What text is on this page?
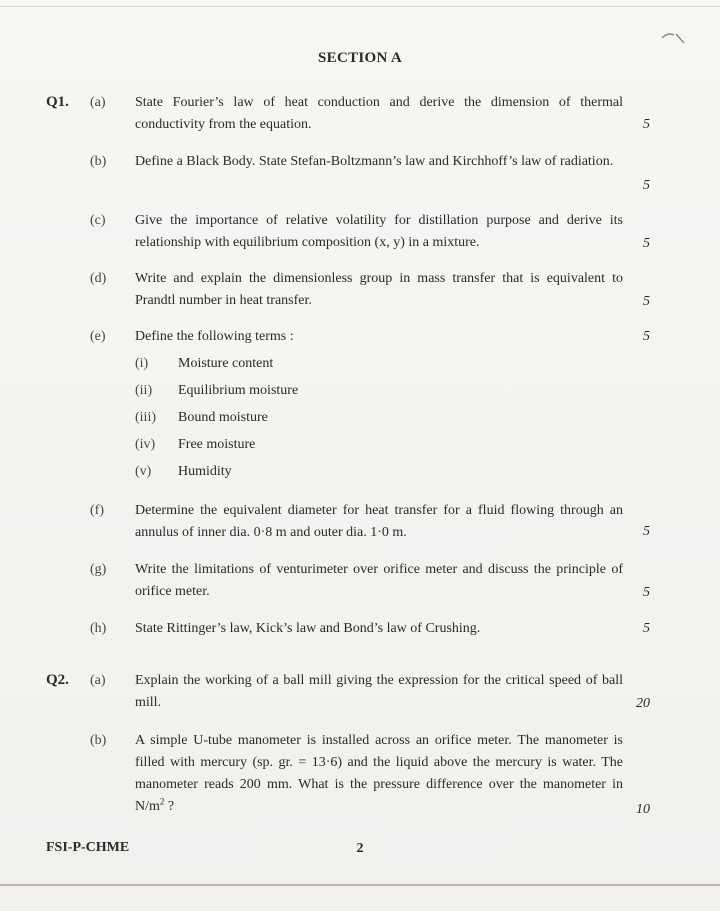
SECTION A
Q1. (a) State Fourier’s law of heat conduction and derive the dimension of thermal conductivity from the equation.	5
(b) Define a Black Body. State Stefan-Boltzmann’s law and Kirchhoff’s law of radiation.
5
(c) Give the importance of relative volatility for distillation purpose and derive its relationship with equilibrium composition (x, y) in a mixture.	5
(d) Write and explain the dimensionless group in mass transfer that is equivalent to Prandtl number in heat transfer.	5
(e) Define the following terms :	5
(i) Moisture content
(ii) Equilibrium moisture
(iii) Bound moisture
(iv) Free moisture
(v) Humidity
(f) Determine the equivalent diameter for heat transfer for a fluid flowing through an annulus of inner dia. 0·8 m and outer dia. 1·0 m.	5
(g) Write the limitations of venturimeter over orifice meter and discuss the principle of orifice meter.	5
(h) State Rittinger’s law, Kick’s law and Bond’s law of Crushing.	5
Q2. (a) Explain the working of a ball mill giving the expression for the critical speed of ball mill.	20
(b) A simple U-tube manometer is installed across an orifice meter. The manometer is filled with mercury (sp. gr. = 13·6) and the liquid above the mercury is water. The manometer reads 200 mm. What is the pressure difference over the manometer in $N/m^2$ ?	10
FSI-P-CHME	2
